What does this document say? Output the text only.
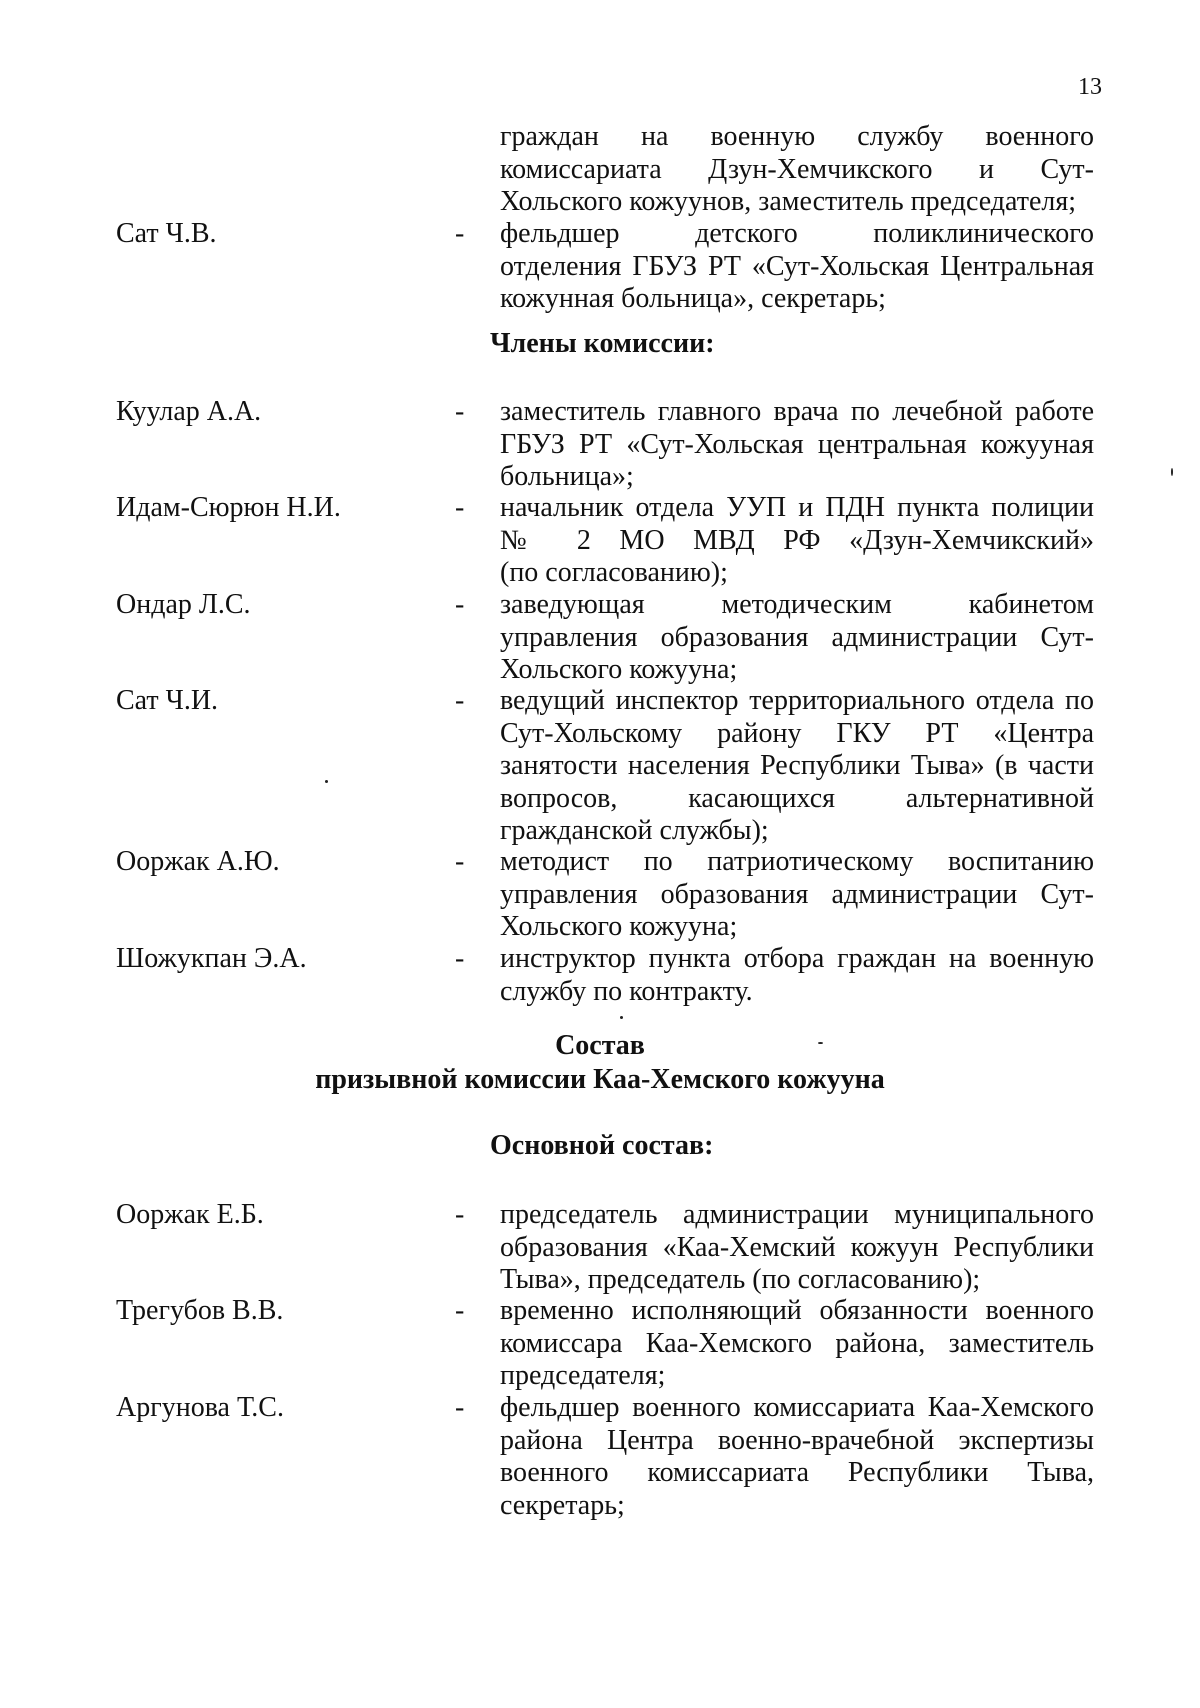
13
граждан на военную службу военного
комиссариата Дзун-Хемчикского и Сут-
Хольского кожуунов, заместитель председателя;
Сат Ч.В.	- фельдшер детского поликлинического
отделения ГБУЗ РТ «Сут-Хольская Центральная
кожунная больница», секретарь;
Члены комиссии:
Куулар А.А.	- заместитель главного врача по лечебной работе
ГБУЗ РТ «Сут-Хольская центральная кожууная
больница»;
Идам-Сюрюн Н.И.	- начальник отдела УУП и ПДН пункта полиции
№ 2 МО МВД РФ «Дзун-Хемчикский»
(по согласованию);
Ондар Л.С.	- заведующая методическим кабинетом
управления образования администрации Сут-
Хольского кожууна;
Сат Ч.И.	- ведущий инспектор территориального отдела по
Сут-Хольскому району ГКУ РТ «Центра
занятости населения Республики Тыва» (в части
вопросов, касающихся альтернативной
гражданской службы);
Ооржак А.Ю.	- методист по патриотическому воспитанию
управления образования администрации Сут-
Хольского кожууна;
Шожукпан Э.А.	- инструктор пункта отбора граждан на военную
службу по контракту.
Состав
призывной комиссии Каа-Хемского кожууна
Основной состав:
Ооржак Е.Б.	- председатель администрации муниципального
образования «Каа-Хемский кожуун Республики
Тыва», председатель (по согласованию);
Трегубов В.В.	- временно исполняющий обязанности военного
комиссара Каа-Хемского района, заместитель
председателя;
Аргунова Т.С.	- фельдшер военного комиссариата Каа-Хемского
района Центра военно-врачебной экспертизы
военного комиссариата Республики Тыва,
секретарь;
